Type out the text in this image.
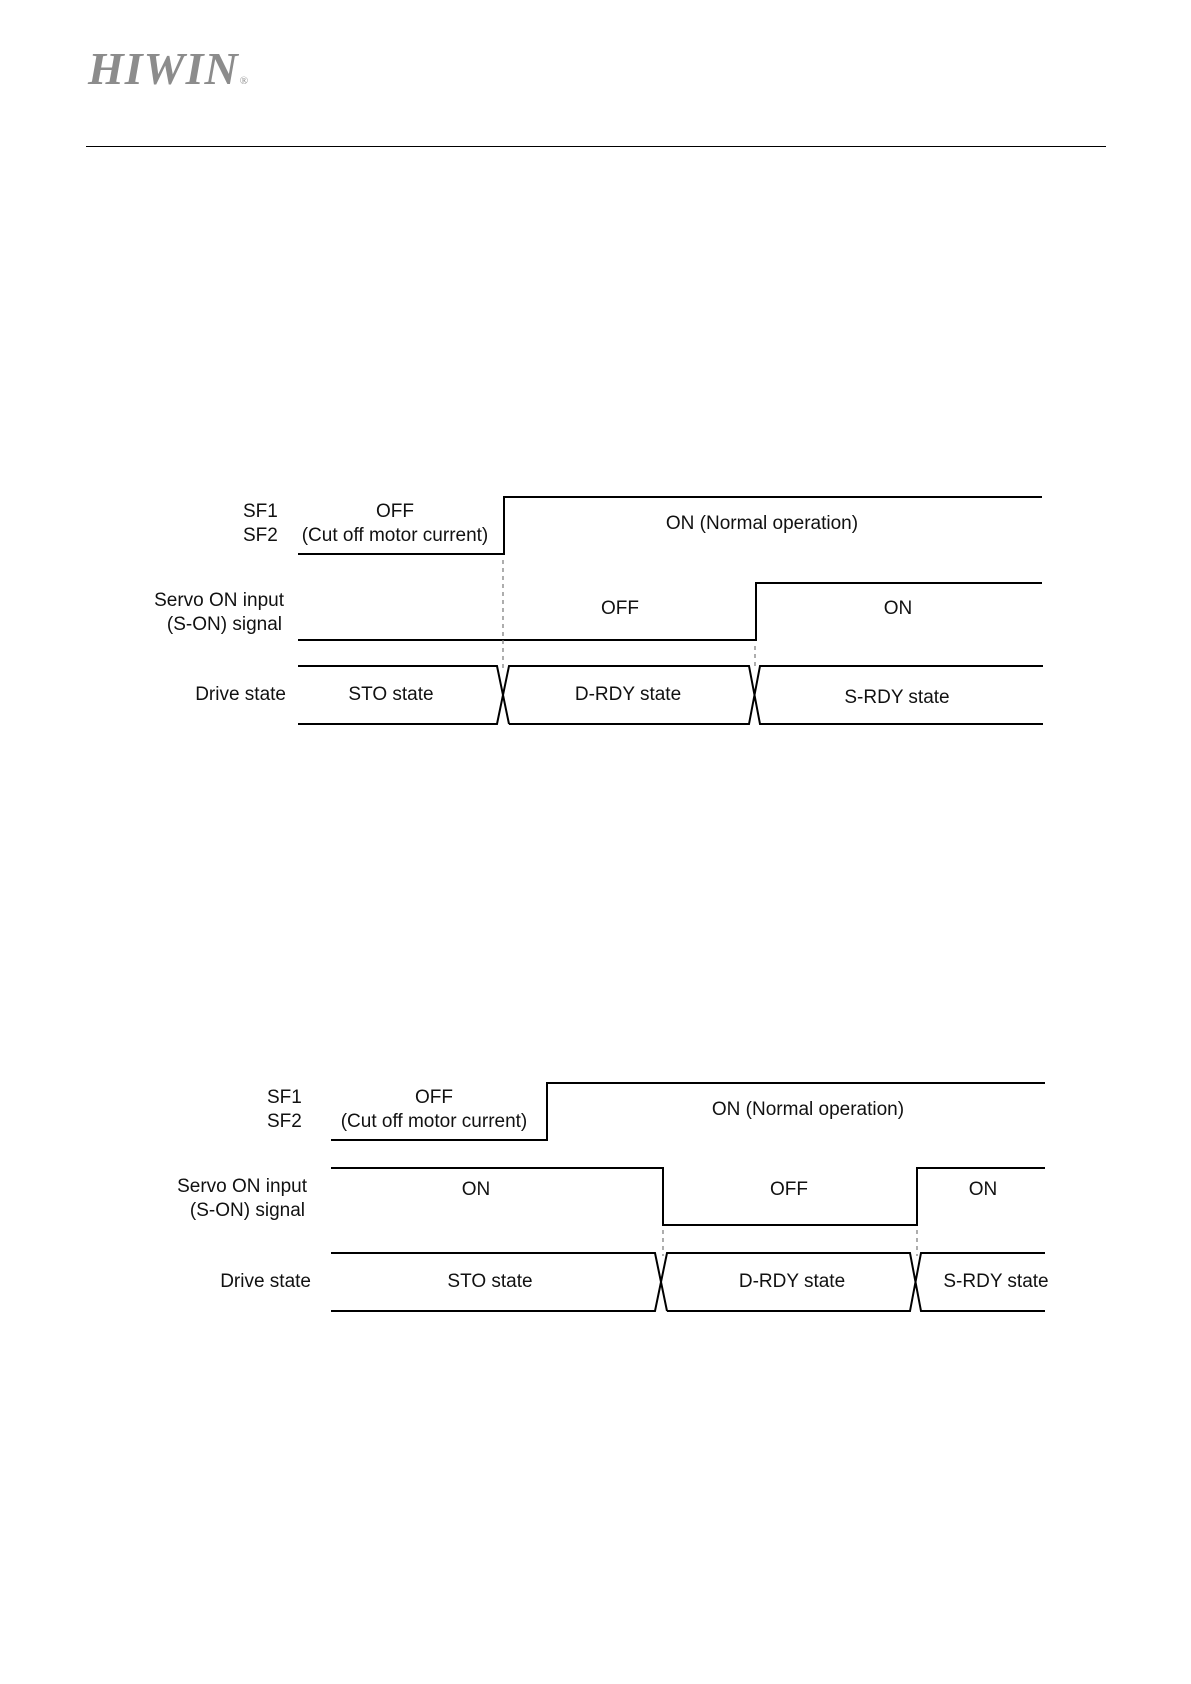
HIWIN®
SF1
SF2
OFF
(Cut off motor current)
ON (Normal operation)
Servo ON input
(S-ON) signal
OFF	ON
Drive state	STO state	D-RDY state	S-RDY state
SF1
SF2
OFF
(Cut off motor current)
ON (Normal operation)
Servo ON input
(S-ON) signal
ON	OFF	ON
Drive state	STO state	D-RDY state	S-RDY state
